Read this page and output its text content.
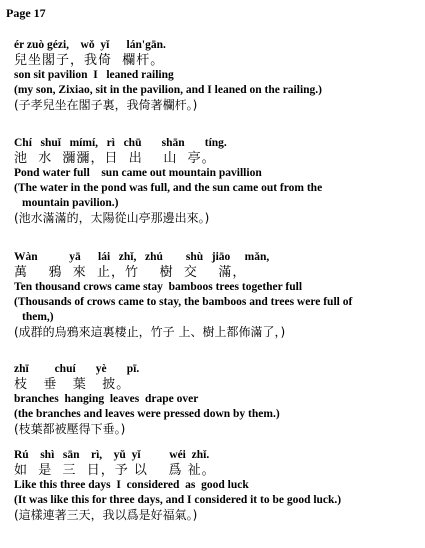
Page 17
ér zuò gézi,    wǒ  yǐ      lán'gān.
兒坐閣子，我倚  欄杆。
son sit pavilion  I   leaned railing
(my son, Zixiao, sit in the pavilion, and I leaned on the railing.)
(子孝兒坐在閣子裏，我倚著欄杆。)
Chí   shuǐ   mímí,   rì   chū       shān       tíng.
池  水  瀰瀰，日  出    山  亭。
Pond water full    sun came out mountain pavillion
(The water in the pond was full, and the sun came out from the
mountain pavilion.)
(池水滿滿的，太陽從山亭那邊出來。)
Wàn           yā      lái   zhǐ,   zhú        shù   jiāo     mǎn,
萬    鴉  來  止，竹    樹  交    滿，
Ten thousand crows came stay  bamboos trees together full
(Thousands of crows came to stay, the bamboos and trees were full of
them,)
(成群的烏鴉來這裏棲止，竹子 上、樹上都佈滿了，)
zhī         chuí       yè       pī.
枝   垂   葉   披。
branches  hanging  leaves  drape over
(the branches and leaves were pressed down by them.)
(枝葉都被壓得下垂。)
Rú    shì   sān    rì,    yǔ  yǐ          wéi  zhǐ.
如  是  三  日，予 以    爲 祉。
Like this three days  I  considered  as  good luck
(It was like this for three days, and I considered it to be good luck.)
(這樣連著三天，我以爲是好福氣。)
